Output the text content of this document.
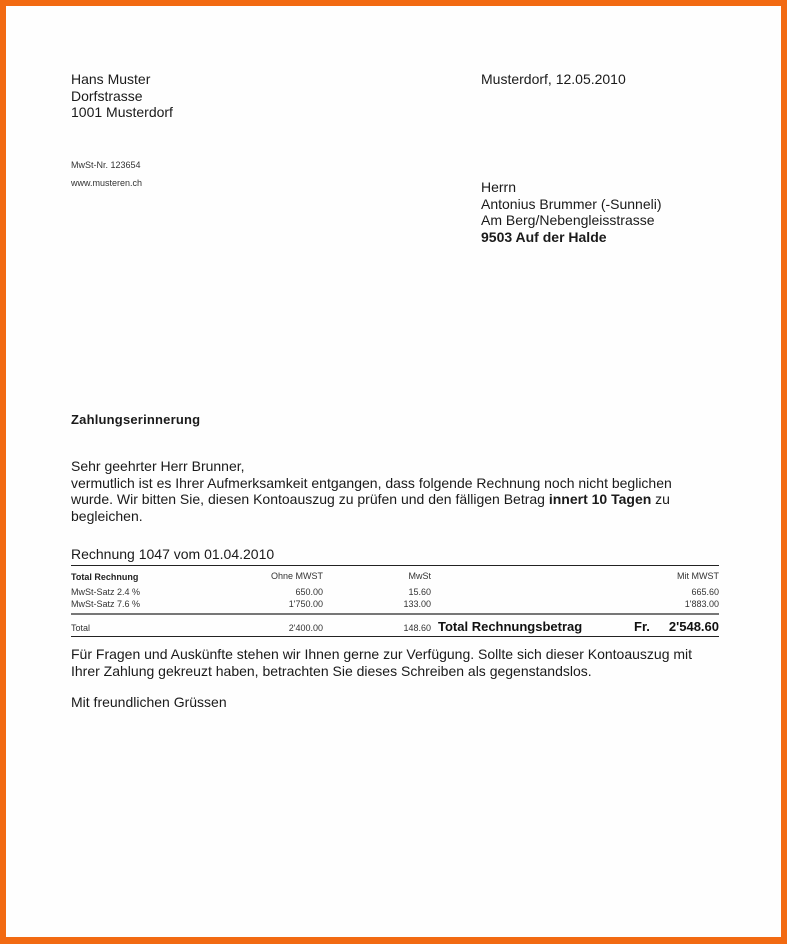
Hans Muster
Dorfstrasse
1001 Musterdorf
MwSt-Nr. 123654
www.musteren.ch
Musterdorf, 12.05.2010
Herrn
Antonius Brummer (-Sunneli)
Am Berg/Nebengleisstrasse
9503 Auf der Halde
Zahlungserinnerung
Sehr geehrter Herr Brunner,
vermutlich ist es Ihrer Aufmerksamkeit entgangen, dass folgende Rechnung noch nicht beglichen wurde. Wir bitten Sie, diesen Kontoauszug zu prüfen und den fälligen Betrag innert 10 Tagen zu begleichen.
Rechnung 1047 vom 01.04.2010
Total Rechnung	Ohne MWST	MwSt	Mit MWST
MwSt-Satz 2.4 %	650.00	15.60	665.60
MwSt-Satz 7.6 %	1'750.00	133.00	1'883.00
Total	2'400.00	148.60 Total Rechnungsbetrag	Fr. 2'548.60
Für Fragen und Auskünfte stehen wir Ihnen gerne zur Verfügung. Sollte sich dieser Kontoauszug mit Ihrer Zahlung gekreuzt haben, betrachten Sie dieses Schreiben als gegenstandslos.
Mit freundlichen Grüssen
